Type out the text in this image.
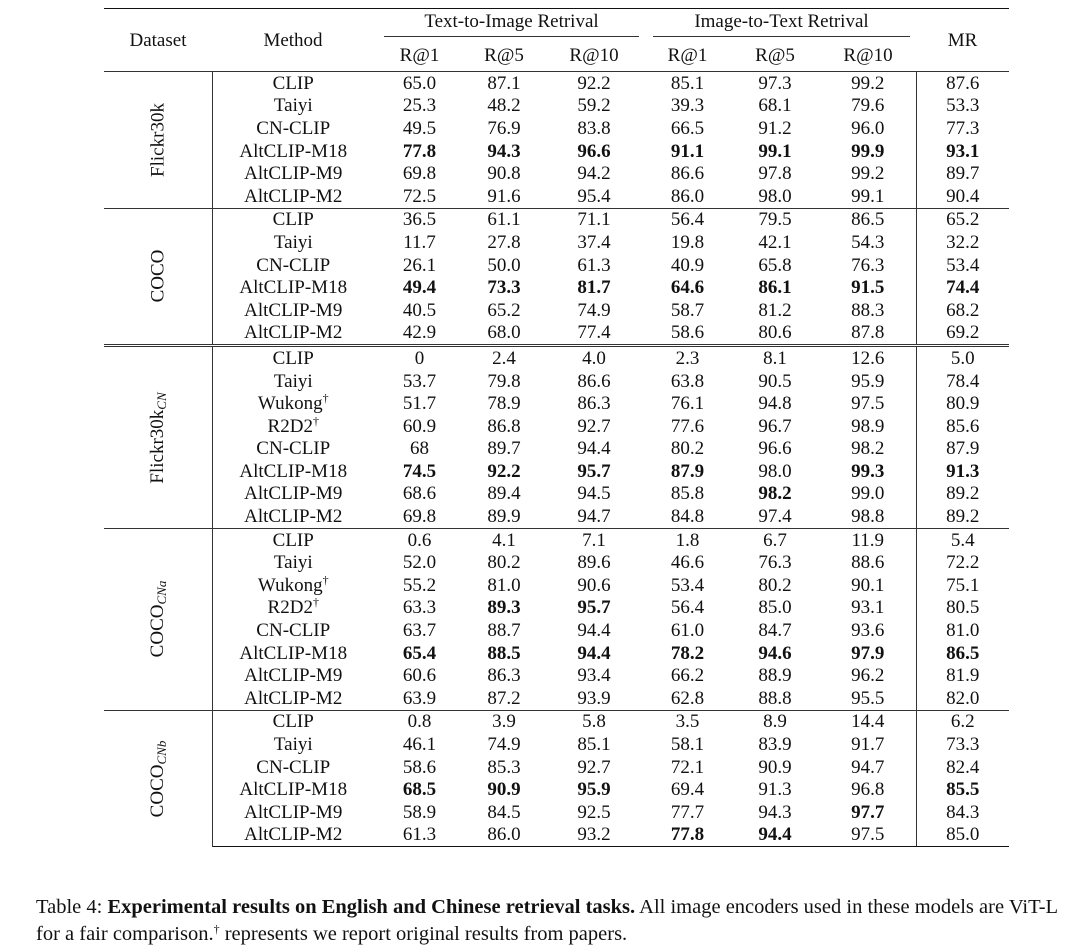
Dataset	Method	Text-to-Image Retrival			Image-to-Text Retrival			MR
		R@1	R@5	R@10	R@1	R@5	R@10	

Flickr30k	CLIP	65.0	87.1	92.2	85.1	97.3	99.2	87.6
	Taiyi	25.3	48.2	59.2	39.3	68.1	79.6	53.3
	CN-CLIP	49.5	76.9	83.8	66.5	91.2	96.0	77.3
	AltCLIP-M18	77.8	94.3	96.6	91.1	99.1	99.9	93.1
	AltCLIP-M9	69.8	90.8	94.2	86.6	97.8	99.2	89.7
	AltCLIP-M2	72.5	91.6	95.4	86.0	98.0	99.1	90.4

COCO	CLIP	36.5	61.1	71.1	56.4	79.5	86.5	65.2
	Taiyi	11.7	27.8	37.4	19.8	42.1	54.3	32.2
	CN-CLIP	26.1	50.0	61.3	40.9	65.8	76.3	53.4
	AltCLIP-M18	49.4	73.3	81.7	64.6	86.1	91.5	74.4
	AltCLIP-M9	40.5	65.2	74.9	58.7	81.2	88.3	68.2
	AltCLIP-M2	42.9	68.0	77.4	58.6	80.6	87.8	69.2

$Flickr30k_{CN}$	CLIP	0	2.4	4.0	2.3	8.1	12.6	5.0
	Taiyi	53.7	79.8	86.6	63.8	90.5	95.9	78.4
	Wukong†	51.7	78.9	86.3	76.1	94.8	97.5	80.9
	R2D2†	60.9	86.8	92.7	77.6	96.7	98.9	85.6
	CN-CLIP	68	89.7	94.4	80.2	96.6	98.2	87.9
	AltCLIP-M18	74.5	92.2	95.7	87.9	98.0	99.3	91.3
	AltCLIP-M9	68.6	89.4	94.5	85.8	98.2	99.0	89.2
	AltCLIP-M2	69.8	89.9	94.7	84.8	97.4	98.8	89.2

$COCO_{CNa}$	CLIP	0.6	4.1	7.1	1.8	6.7	11.9	5.4
	Taiyi	52.0	80.2	89.6	46.6	76.3	88.6	72.2
	Wukong†	55.2	81.0	90.6	53.4	80.2	90.1	75.1
	R2D2†	63.3	89.3	95.7	56.4	85.0	93.1	80.5
	CN-CLIP	63.7	88.7	94.4	61.0	84.7	93.6	81.0
	AltCLIP-M18	65.4	88.5	94.4	78.2	94.6	97.9	86.5
	AltCLIP-M9	60.6	86.3	93.4	66.2	88.9	96.2	81.9
	AltCLIP-M2	63.9	87.2	93.9	62.8	88.8	95.5	82.0

$COCO_{CNb}$	CLIP	0.8	3.9	5.8	3.5	8.9	14.4	6.2
	Taiyi	46.1	74.9	85.1	58.1	83.9	91.7	73.3
	CN-CLIP	58.6	85.3	92.7	72.1	90.9	94.7	82.4
	AltCLIP-M18	68.5	90.9	95.9	69.4	91.3	96.8	85.5
	AltCLIP-M9	58.9	84.5	92.5	77.7	94.3	97.7	84.3
	AltCLIP-M2	61.3	86.0	93.2	77.8	94.4	97.5	85.0
Table 4: Experimental results on English and Chinese retrieval tasks. All image encoders used in these models are ViT-L for a fair comparison.† represents we report original results from papers.
